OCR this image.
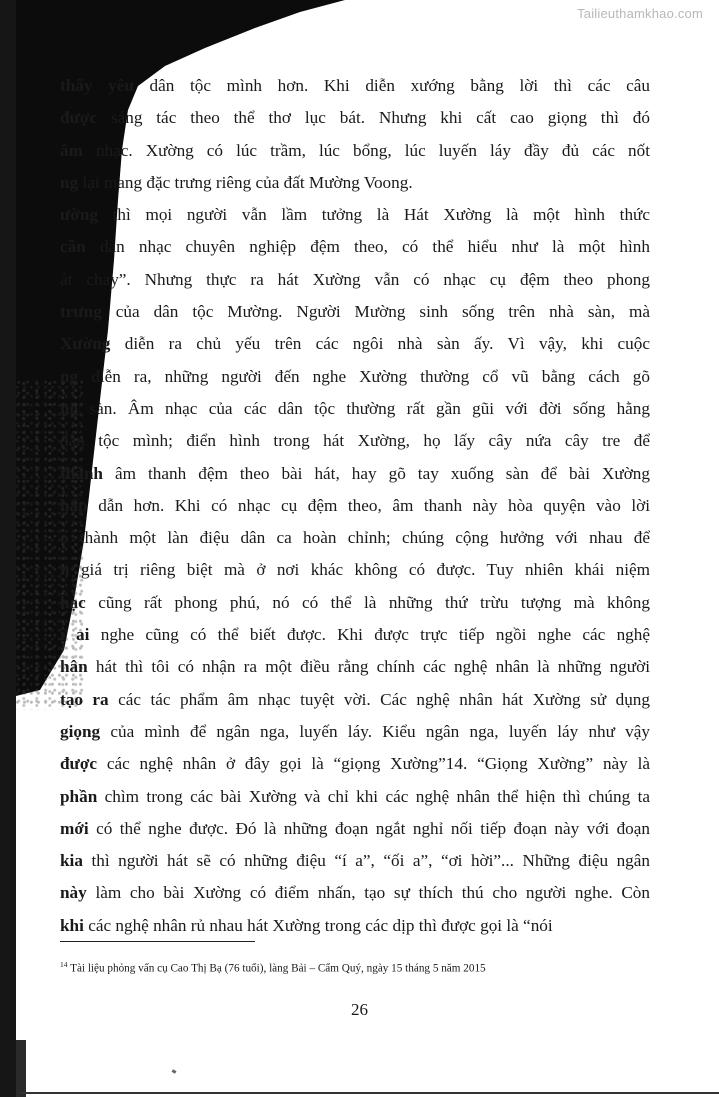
Tailieuthamkhao.com
thấy yêu dân tộc mình hơn. Khi diễn xướng bằng lời thì các câu
được sáng tác theo thể thơ lục bát. Nhưng khi cất cao giọng thì đó
âm nhạc. Xường có lúc trầm, lúc bổng, lúc luyến láy đầy đủ các nốt
ng lại mang đặc trưng riêng của đất Mường Voong.
ường thì mọi người vẫn lầm tưởng là Hát Xường là một hình thức
cần dàn nhạc chuyên nghiệp đệm theo, có thể hiểu như là một hình
át chay”. Nhưng thực ra hát Xường vẫn có nhạc cụ đệm theo phong
trưng của dân tộc Mường. Người Mường sinh sống trên nhà sàn, mà
Xường diễn ra chủ yếu trên các ngôi nhà sàn ấy. Vì vậy, khi cuộc
ng diễn ra, những người đến nghe Xường thường cổ vũ bằng cách gõ
ng sàn. Âm nhạc của các dân tộc thường rất gần gũi với đời sống hằng
dân tộc mình; điển hình trong hát Xường, họ lấy cây nứa cây tre để
thành âm thanh đệm theo bài hát, hay gõ tay xuống sàn để bài Xường
hấp dẫn hơn. Khi có nhạc cụ đệm theo, âm thanh này hòa quyện vào lời
o thành một làn điệu dân ca hoàn chỉnh; chúng cộng hưởng với nhau để
n giá trị riêng biệt mà ở nơi khác không có được. Tuy nhiên khái niệm
hạc cũng rất phong phú, nó có thể là những thứ trừu tượng mà không
i ai nghe cũng có thể biết được. Khi được trực tiếp ngồi nghe các nghệ
hân hát thì tôi có nhận ra một điều rằng chính các nghệ nhân là những người
tạo ra các tác phẩm âm nhạc tuyệt vời. Các nghệ nhân hát Xường sử dụng
giọng của mình để ngân nga, luyến láy. Kiểu ngân nga, luyến láy như vậy
được các nghệ nhân ở đây gọi là “giọng Xường”14. “Giọng Xường” này là
phần chìm trong các bài Xường và chỉ khi các nghệ nhân thể hiện thì chúng ta
mới có thể nghe được. Đó là những đoạn ngắt nghỉ nối tiếp đoạn này với đoạn
kia thì người hát sẽ có những điệu “í a”, “ối a”, “ơi hời”... Những điệu ngân
này làm cho bài Xường có điểm nhấn, tạo sự thích thú cho người nghe. Còn
khi các nghệ nhân rủ nhau hát Xường trong các dịp thì được gọi là “nói
$^{14}$ Tài liệu phỏng vấn cụ Cao Thị Bạ (76 tuổi), làng Bải – Cẩm Quý, ngày 15 tháng 5 năm 2015
26
